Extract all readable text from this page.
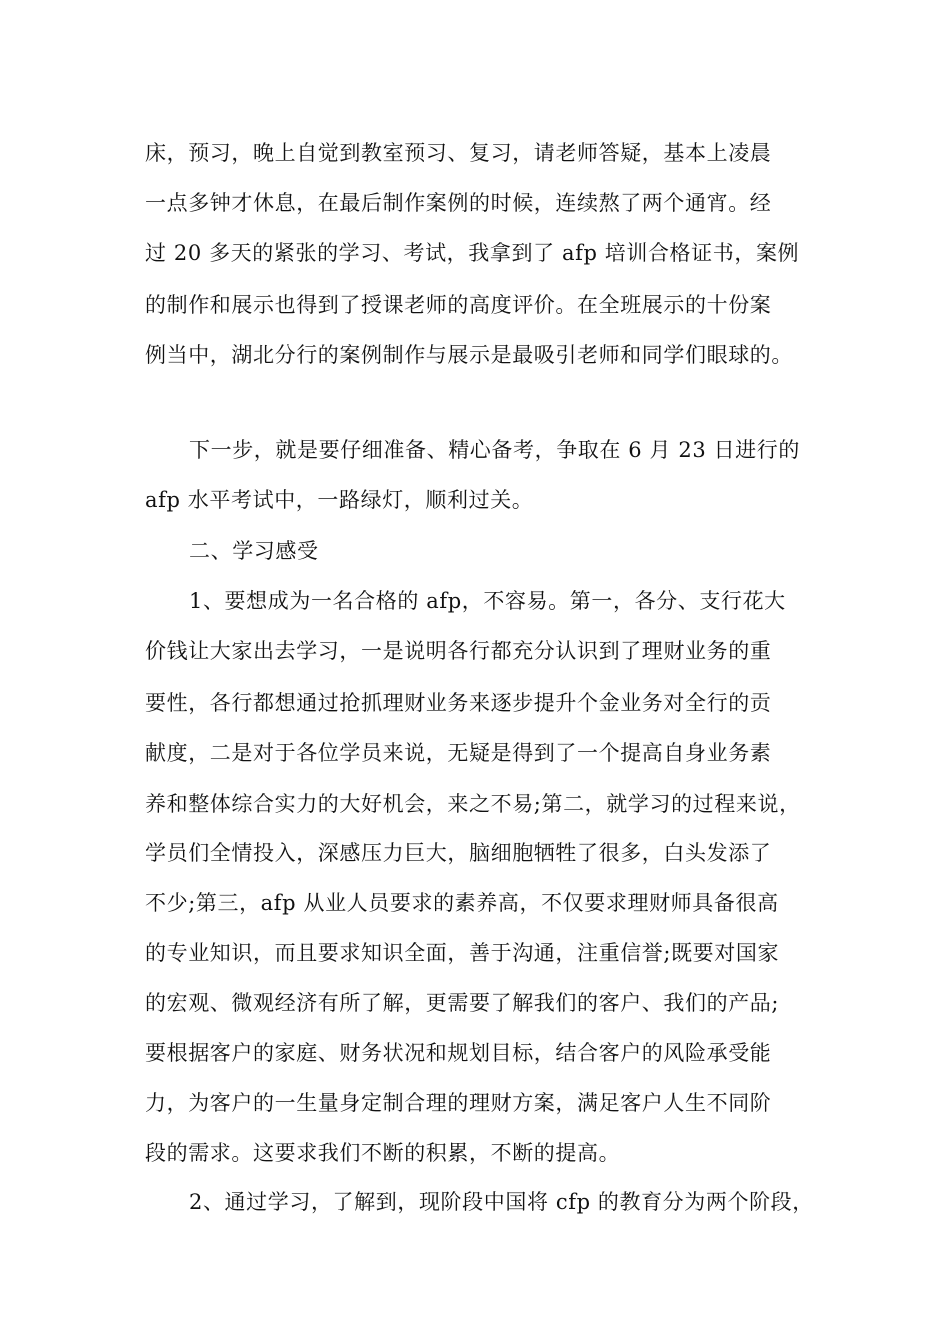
床，预习，晚上自觉到教室预习、复习，请老师答疑，基本上凌晨
一点多钟才休息，在最后制作案例的时候，连续熬了两个通宵。经
过 20 多天的紧张的学习、考试，我拿到了 afp 培训合格证书，案例
的制作和展示也得到了授课老师的高度评价。在全班展示的十份案
例当中，湖北分行的案例制作与展示是最吸引老师和同学们眼球的。
下一步，就是要仔细准备、精心备考，争取在 6 月 23 日进行的
afp 水平考试中，一路绿灯，顺利过关。
二、学习感受
1、要想成为一名合格的 afp，不容易。第一，各分、支行花大
价钱让大家出去学习，一是说明各行都充分认识到了理财业务的重
要性，各行都想通过抢抓理财业务来逐步提升个金业务对全行的贡
献度，二是对于各位学员来说，无疑是得到了一个提高自身业务素
养和整体综合实力的大好机会，来之不易;第二，就学习的过程来说，
学员们全情投入，深感压力巨大，脑细胞牺牲了很多，白头发添了
不少;第三，afp 从业人员要求的素养高，不仅要求理财师具备很高
的专业知识，而且要求知识全面，善于沟通，注重信誉;既要对国家
的宏观、微观经济有所了解，更需要了解我们的客户、我们的产品;
要根据客户的家庭、财务状况和规划目标，结合客户的风险承受能
力，为客户的一生量身定制合理的理财方案，满足客户人生不同阶
段的需求。这要求我们不断的积累，不断的提高。
2、通过学习，了解到，现阶段中国将 cfp 的教育分为两个阶段，
